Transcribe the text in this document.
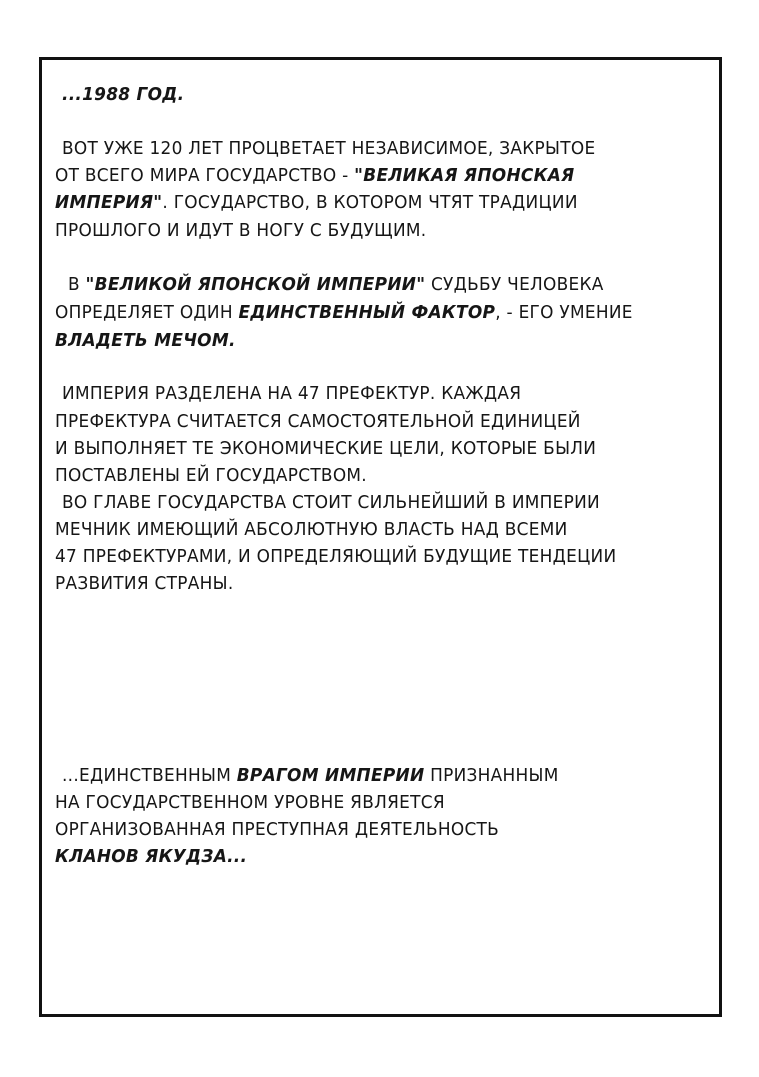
...1988 ГОД.
ВОТ УЖЕ 120 ЛЕТ ПРОЦВЕТАЕТ НЕЗАВИСИМОЕ, ЗАКРЫТОЕ
ОТ ВСЕГО МИРА ГОСУДАРСТВО - "ВЕЛИКАЯ ЯПОНСКАЯ
ИМПЕРИЯ". ГОСУДАРСТВО, В КОТОРОМ ЧТЯТ ТРАДИЦИИ
ПРОШЛОГО И ИДУТ В НОГУ С БУДУЩИМ.
В "ВЕЛИКОЙ ЯПОНСКОЙ ИМПЕРИИ" СУДЬБУ ЧЕЛОВЕКА
ОПРЕДЕЛЯЕТ ОДИН ЕДИНСТВЕННЫЙ ФАКТОР, - ЕГО УМЕНИЕ
ВЛАДЕТЬ МЕЧОМ.
ИМПЕРИЯ РАЗДЕЛЕНА НА 47 ПРЕФЕКТУР. КАЖДАЯ
ПРЕФЕКТУРА СЧИТАЕТСЯ САМОСТОЯТЕЛЬНОЙ ЕДИНИЦЕЙ
И ВЫПОЛНЯЕТ ТЕ ЭКОНОМИЧЕСКИЕ ЦЕЛИ, КОТОРЫЕ БЫЛИ
ПОСТАВЛЕНЫ ЕЙ ГОСУДАРСТВОМ.
ВО ГЛАВЕ ГОСУДАРСТВА СТОИТ СИЛЬНЕЙШИЙ В ИМПЕРИИ
МЕЧНИК ИМЕЮЩИЙ АБСОЛЮТНУЮ ВЛАСТЬ НАД ВСЕМИ
47 ПРЕФЕКТУРАМИ, И ОПРЕДЕЛЯЮЩИЙ БУДУЩИЕ ТЕНДЕЦИИ
РАЗВИТИЯ СТРАНЫ.
...ЕДИНСТВЕННЫМ ВРАГОМ ИМПЕРИИ ПРИЗНАННЫМ
НА ГОСУДАРСТВЕННОМ УРОВНЕ ЯВЛЯЕТСЯ
ОРГАНИЗОВАННАЯ ПРЕСТУПНАЯ ДЕЯТЕЛЬНОСТЬ
КЛАНОВ ЯКУДЗА...
